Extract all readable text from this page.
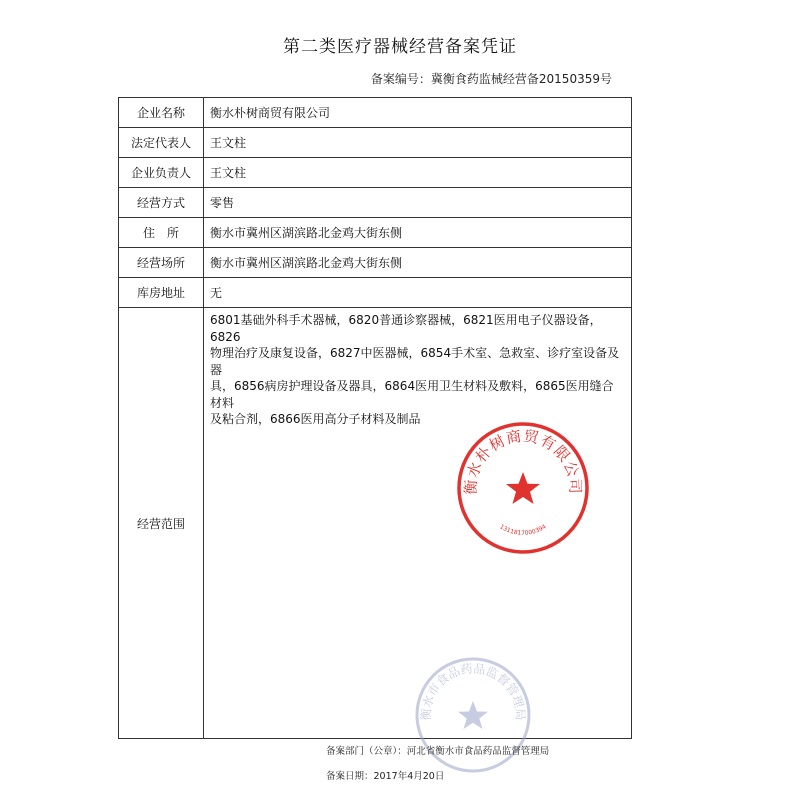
第二类医疗器械经营备案凭证
备案编号：冀衡食药监械经营备20150359号
企业名称	衡水朴树商贸有限公司
法定代表人	王文柱
企业负责人	王文柱
经营方式	零售
住　所	衡水市冀州区湖滨路北金鸡大街东侧
经营场所	衡水市冀州区湖滨路北金鸡大街东侧
库房地址	无
经营范围	6801基础外科手术器械，6820普通诊察器械，6821医用电子仪器设备，6826
物理治疗及康复设备，6827中医器械，6854手术室、急救室、诊疗室设备及器
具，6856病房护理设备及器具，6864医用卫生材料及敷料，6865医用缝合材料
及粘合剂，6866医用高分子材料及制品
衡水朴树商贸有限公司
1311817000394
衡水市食品药品监督管理局
备案部门（公章）：河北省衡水市食品药品监督管理局
备案日期：2017年4月20日
